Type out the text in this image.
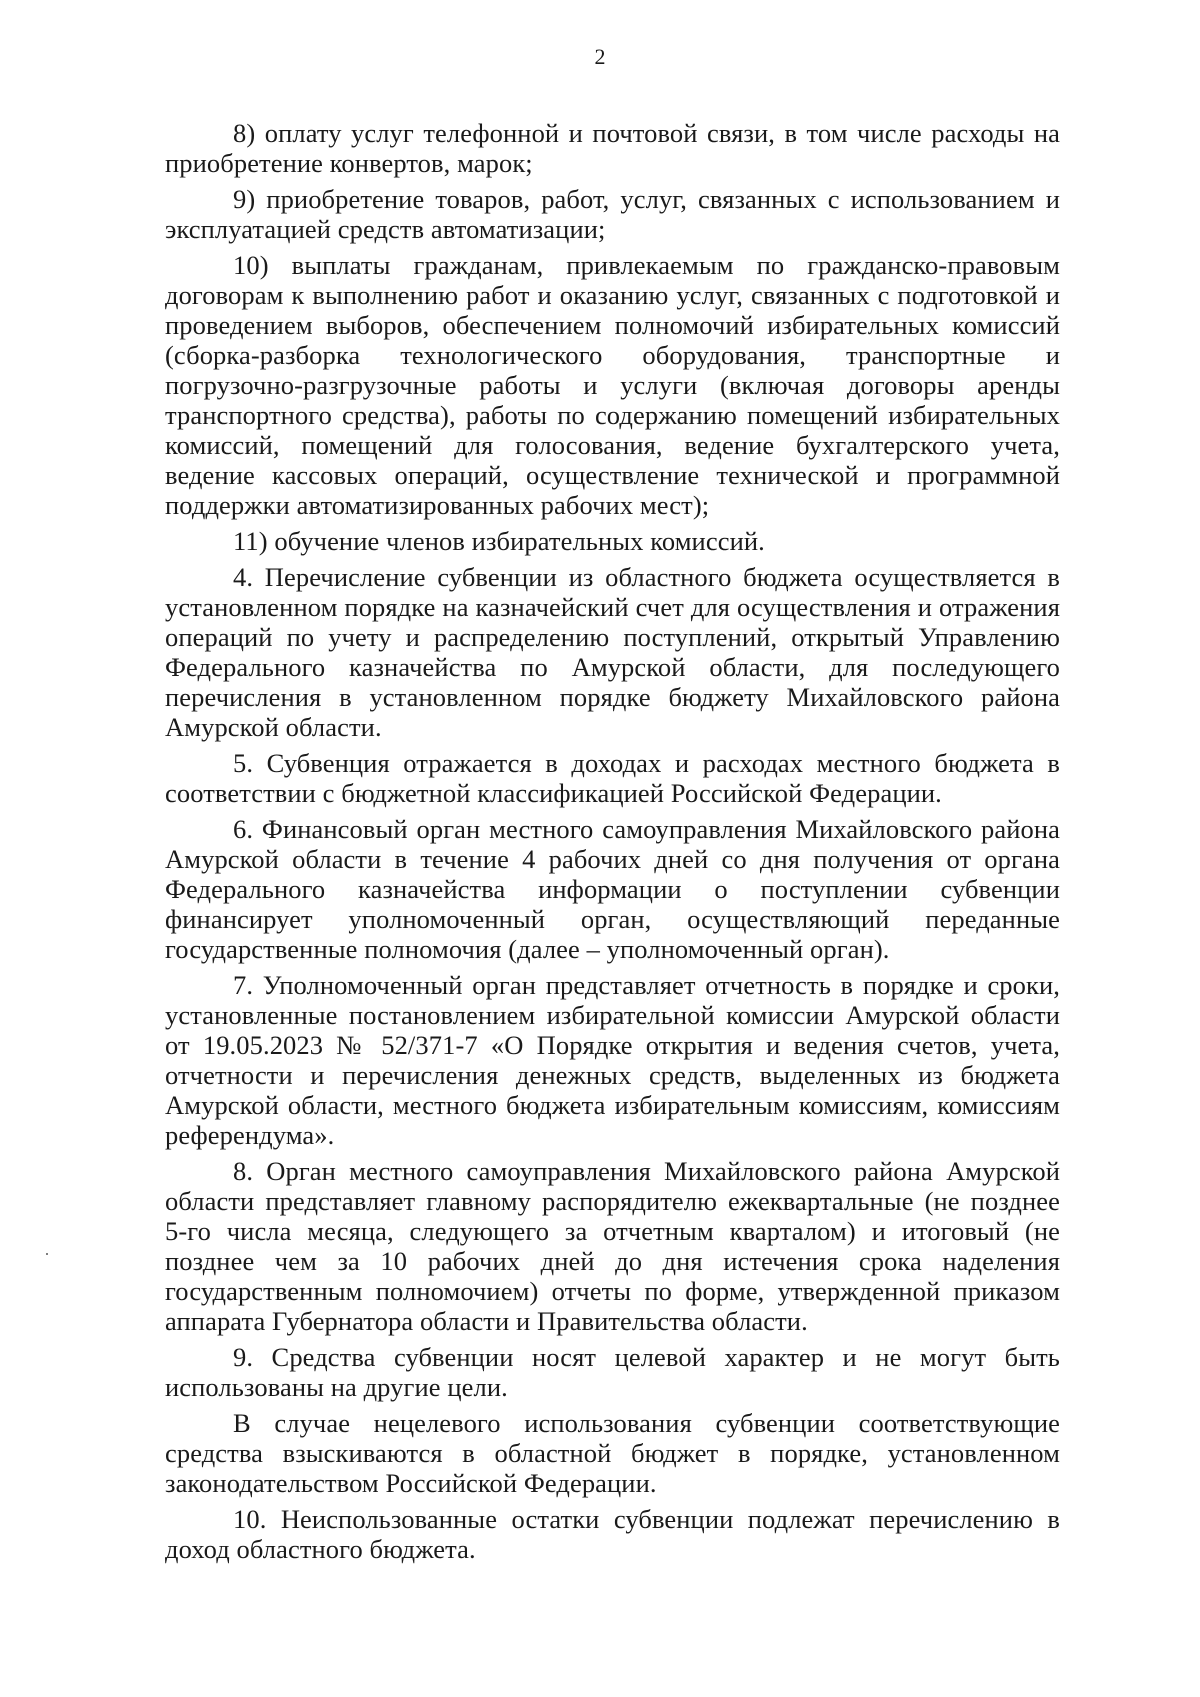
2

8) оплату услуг телефонной и почтовой связи, в том числе расходы на приобретение конвертов, марок;

9) приобретение товаров, работ, услуг, связанных с использованием и эксплуатацией средств автоматизации;

10) выплаты гражданам, привлекаемым по гражданско-правовым договорам к выполнению работ и оказанию услуг, связанных с подготовкой и проведением выборов, обеспечением полномочий избирательных комиссий (сборка-разборка технологического оборудования, транспортные и погрузочно-разгрузочные работы и услуги (включая договоры аренды транспортного средства), работы по содержанию помещений избирательных комиссий, помещений для голосования, ведение бухгалтерского учета, ведение кассовых операций, осуществление технической и программной поддержки автоматизированных рабочих мест);

11) обучение членов избирательных комиссий.

4. Перечисление субвенции из областного бюджета осуществляется в установленном порядке на казначейский счет для осуществления и отражения операций по учету и распределению поступлений, открытый Управлению Федерального казначейства по Амурской области, для последующего перечисления в установленном порядке бюджету Михайловского района Амурской области.

5. Субвенция отражается в доходах и расходах местного бюджета в соответствии с бюджетной классификацией Российской Федерации.

6. Финансовый орган местного самоуправления Михайловского района Амурской области в течение 4 рабочих дней со дня получения от органа Федерального казначейства информации о поступлении субвенции финансирует уполномоченный орган, осуществляющий переданные государственные полномочия (далее – уполномоченный орган).

7. Уполномоченный орган представляет отчетность в порядке и сроки, установленные постановлением избирательной комиссии Амурской области от 19.05.2023 № 52/371-7 «О Порядке открытия и ведения счетов, учета, отчетности и перечисления денежных средств, выделенных из бюджета Амурской области, местного бюджета избирательным комиссиям, комиссиям референдума».

8. Орган местного самоуправления Михайловского района Амурской области представляет главному распорядителю ежеквартальные (не позднее 5-го числа месяца, следующего за отчетным кварталом) и итоговый (не позднее чем за 10 рабочих дней до дня истечения срока наделения государственным полномочием) отчеты по форме, утвержденной приказом аппарата Губернатора области и Правительства области.

9. Средства субвенции носят целевой характер и не могут быть использованы на другие цели.

В случае нецелевого использования субвенции соответствующие средства взыскиваются в областной бюджет в порядке, установленном законодательством Российской Федерации.

10. Неиспользованные остатки субвенции подлежат перечислению в доход областного бюджета.
